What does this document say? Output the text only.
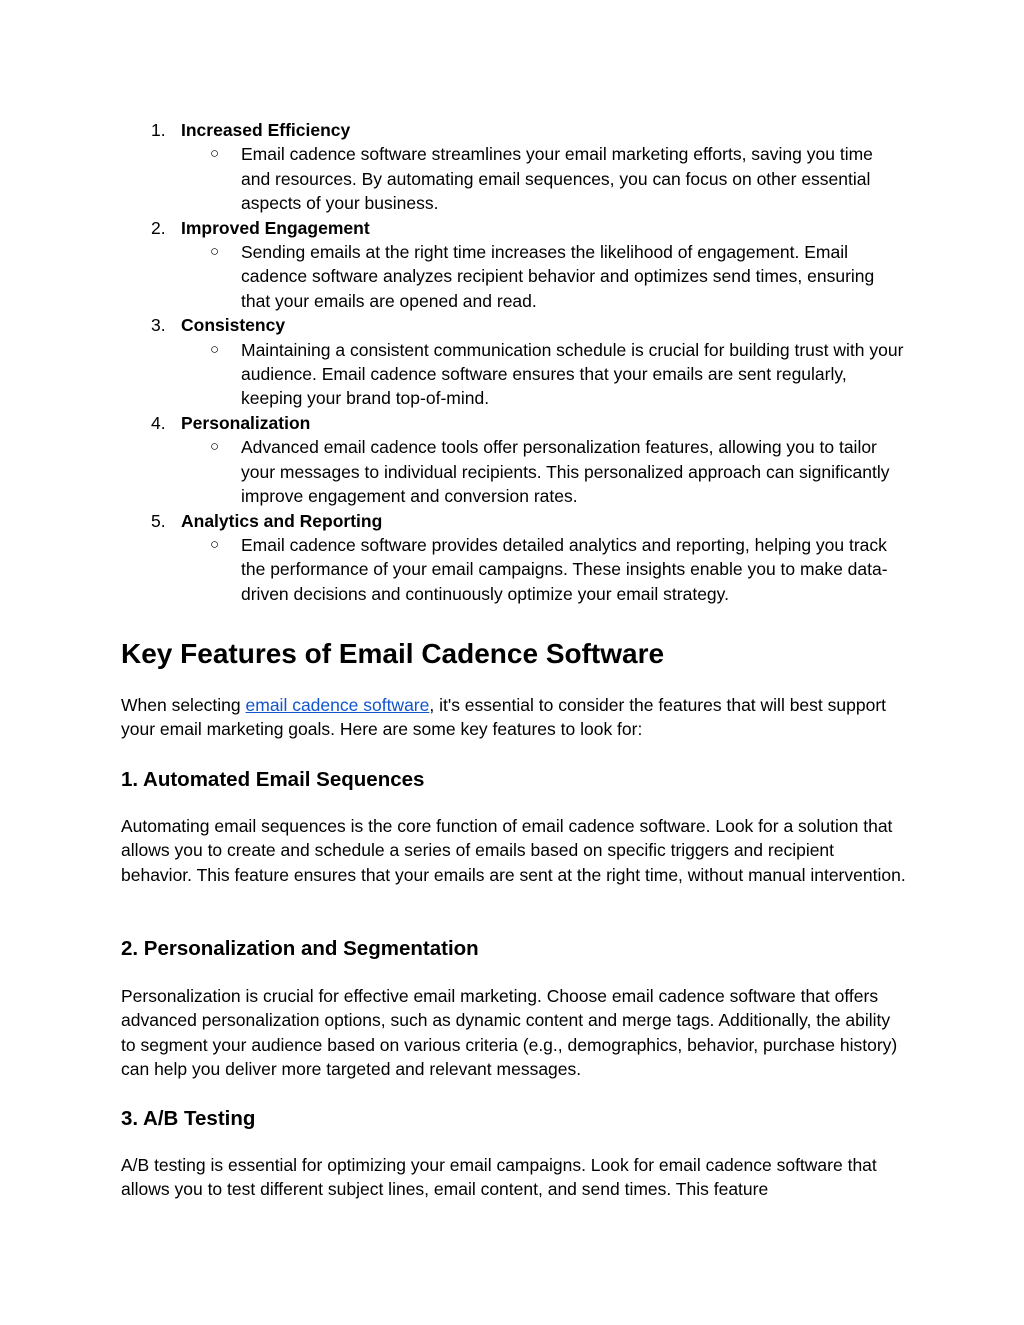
1. Increased Efficiency
○ Email cadence software streamlines your email marketing efforts, saving you time and resources. By automating email sequences, you can focus on other essential aspects of your business.
2. Improved Engagement
○ Sending emails at the right time increases the likelihood of engagement. Email cadence software analyzes recipient behavior and optimizes send times, ensuring that your emails are opened and read.
3. Consistency
○ Maintaining a consistent communication schedule is crucial for building trust with your audience. Email cadence software ensures that your emails are sent regularly, keeping your brand top-of-mind.
4. Personalization
○ Advanced email cadence tools offer personalization features, allowing you to tailor your messages to individual recipients. This personalized approach can significantly improve engagement and conversion rates.
5. Analytics and Reporting
○ Email cadence software provides detailed analytics and reporting, helping you track the performance of your email campaigns. These insights enable you to make data-driven decisions and continuously optimize your email strategy.
Key Features of Email Cadence Software

When selecting email cadence software, it's essential to consider the features that will best support your email marketing goals. Here are some key features to look for:

1. Automated Email Sequences

Automating email sequences is the core function of email cadence software. Look for a solution that allows you to create and schedule a series of emails based on specific triggers and recipient behavior. This feature ensures that your emails are sent at the right time, without manual intervention.

2. Personalization and Segmentation

Personalization is crucial for effective email marketing. Choose email cadence software that offers advanced personalization options, such as dynamic content and merge tags. Additionally, the ability to segment your audience based on various criteria (e.g., demographics, behavior, purchase history) can help you deliver more targeted and relevant messages.

3. A/B Testing

A/B testing is essential for optimizing your email campaigns. Look for email cadence software that allows you to test different subject lines, email content, and send times. This feature
